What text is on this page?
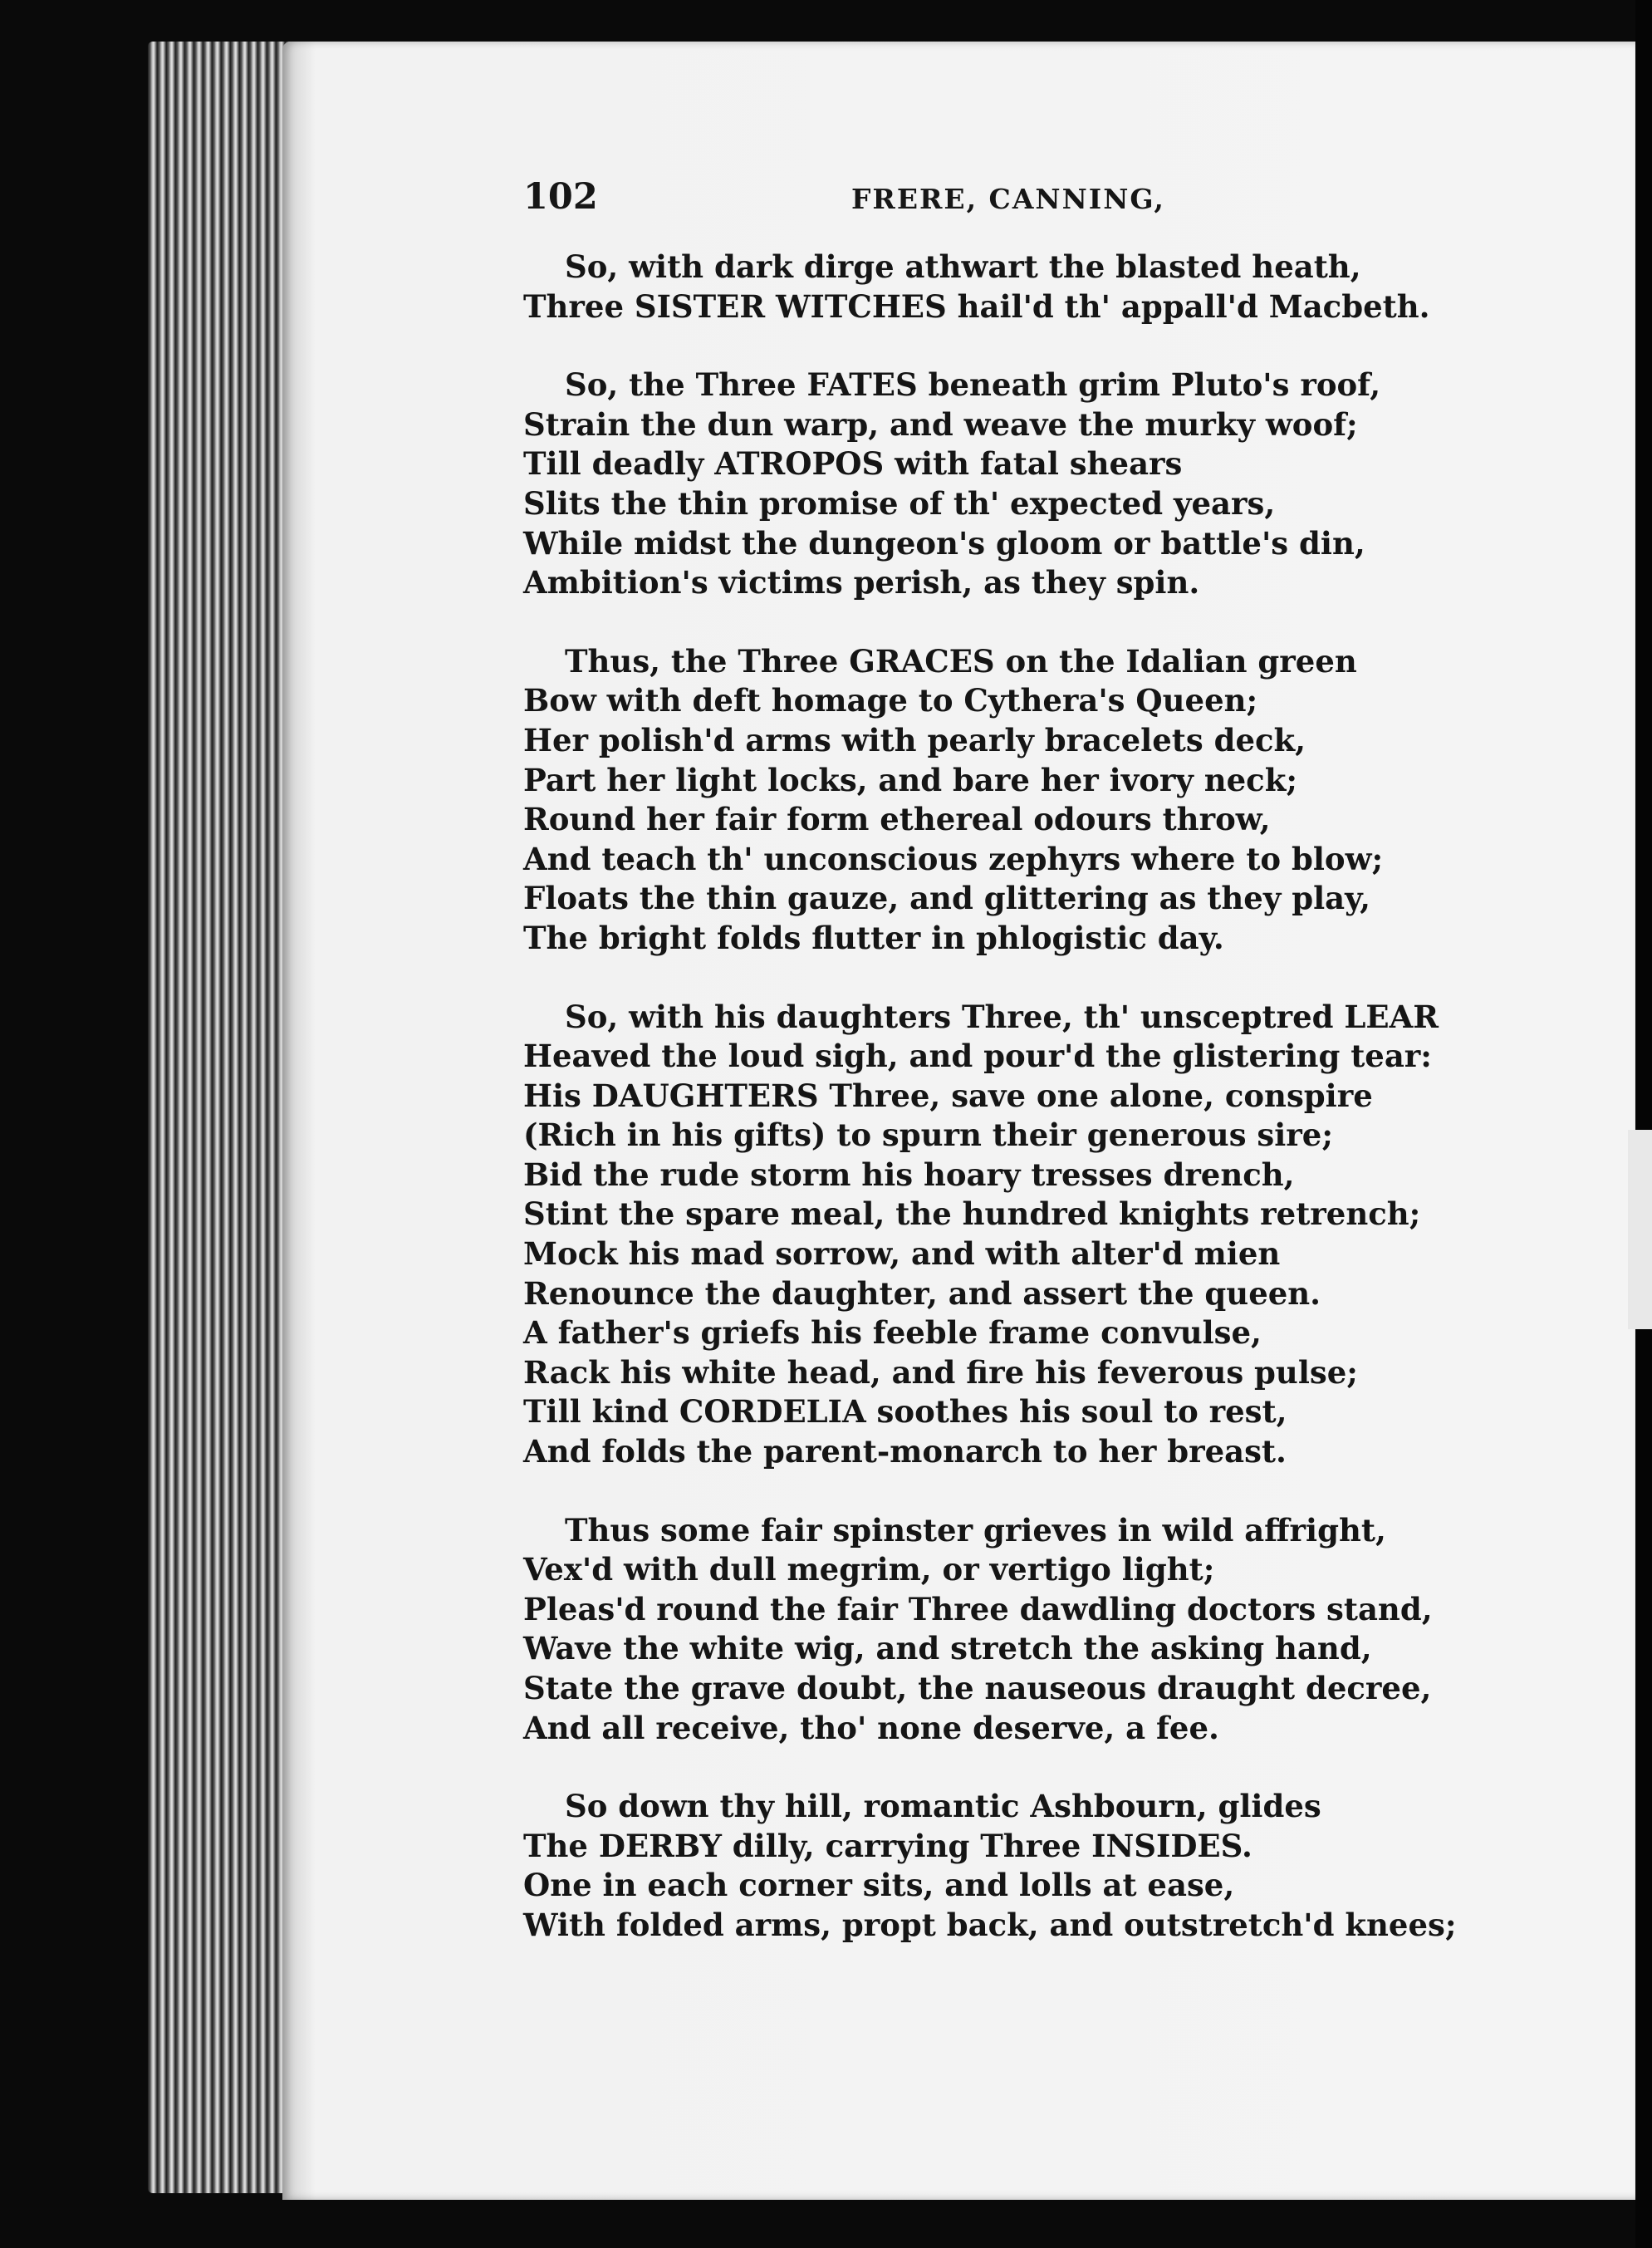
102	FRERE, CANNING,
So, with dark dirge athwart the blasted heath,
Three SISTER WITCHES hail'd th' appall'd Macbeth.
So, the Three FATES beneath grim Pluto's roof,
Strain the dun warp, and weave the murky woof;
Till deadly ATROPOS with fatal shears
Slits the thin promise of th' expected years,
While midst the dungeon's gloom or battle's din,
Ambition's victims perish, as they spin.
Thus, the Three GRACES on the Idalian green
Bow with deft homage to Cythera's Queen;
Her polish'd arms with pearly bracelets deck,
Part her light locks, and bare her ivory neck;
Round her fair form ethereal odours throw,
And teach th' unconscious zephyrs where to blow;
Floats the thin gauze, and glittering as they play,
The bright folds flutter in phlogistic day.
So, with his daughters Three, th' unsceptred LEAR
Heaved the loud sigh, and pour'd the glistering tear:
His DAUGHTERS Three, save one alone, conspire
(Rich in his gifts) to spurn their generous sire;
Bid the rude storm his hoary tresses drench,
Stint the spare meal, the hundred knights retrench;
Mock his mad sorrow, and with alter'd mien
Renounce the daughter, and assert the queen.
A father's griefs his feeble frame convulse,
Rack his white head, and fire his feverous pulse;
Till kind CORDELIA soothes his soul to rest,
And folds the parent-monarch to her breast.
Thus some fair spinster grieves in wild affright,
Vex'd with dull megrim, or vertigo light;
Pleas'd round the fair Three dawdling doctors stand,
Wave the white wig, and stretch the asking hand,
State the grave doubt, the nauseous draught decree,
And all receive, tho' none deserve, a fee.
So down thy hill, romantic Ashbourn, glides
The DERBY dilly, carrying Three INSIDES.
One in each corner sits, and lolls at ease,
With folded arms, propt back, and outstretch'd knees;
